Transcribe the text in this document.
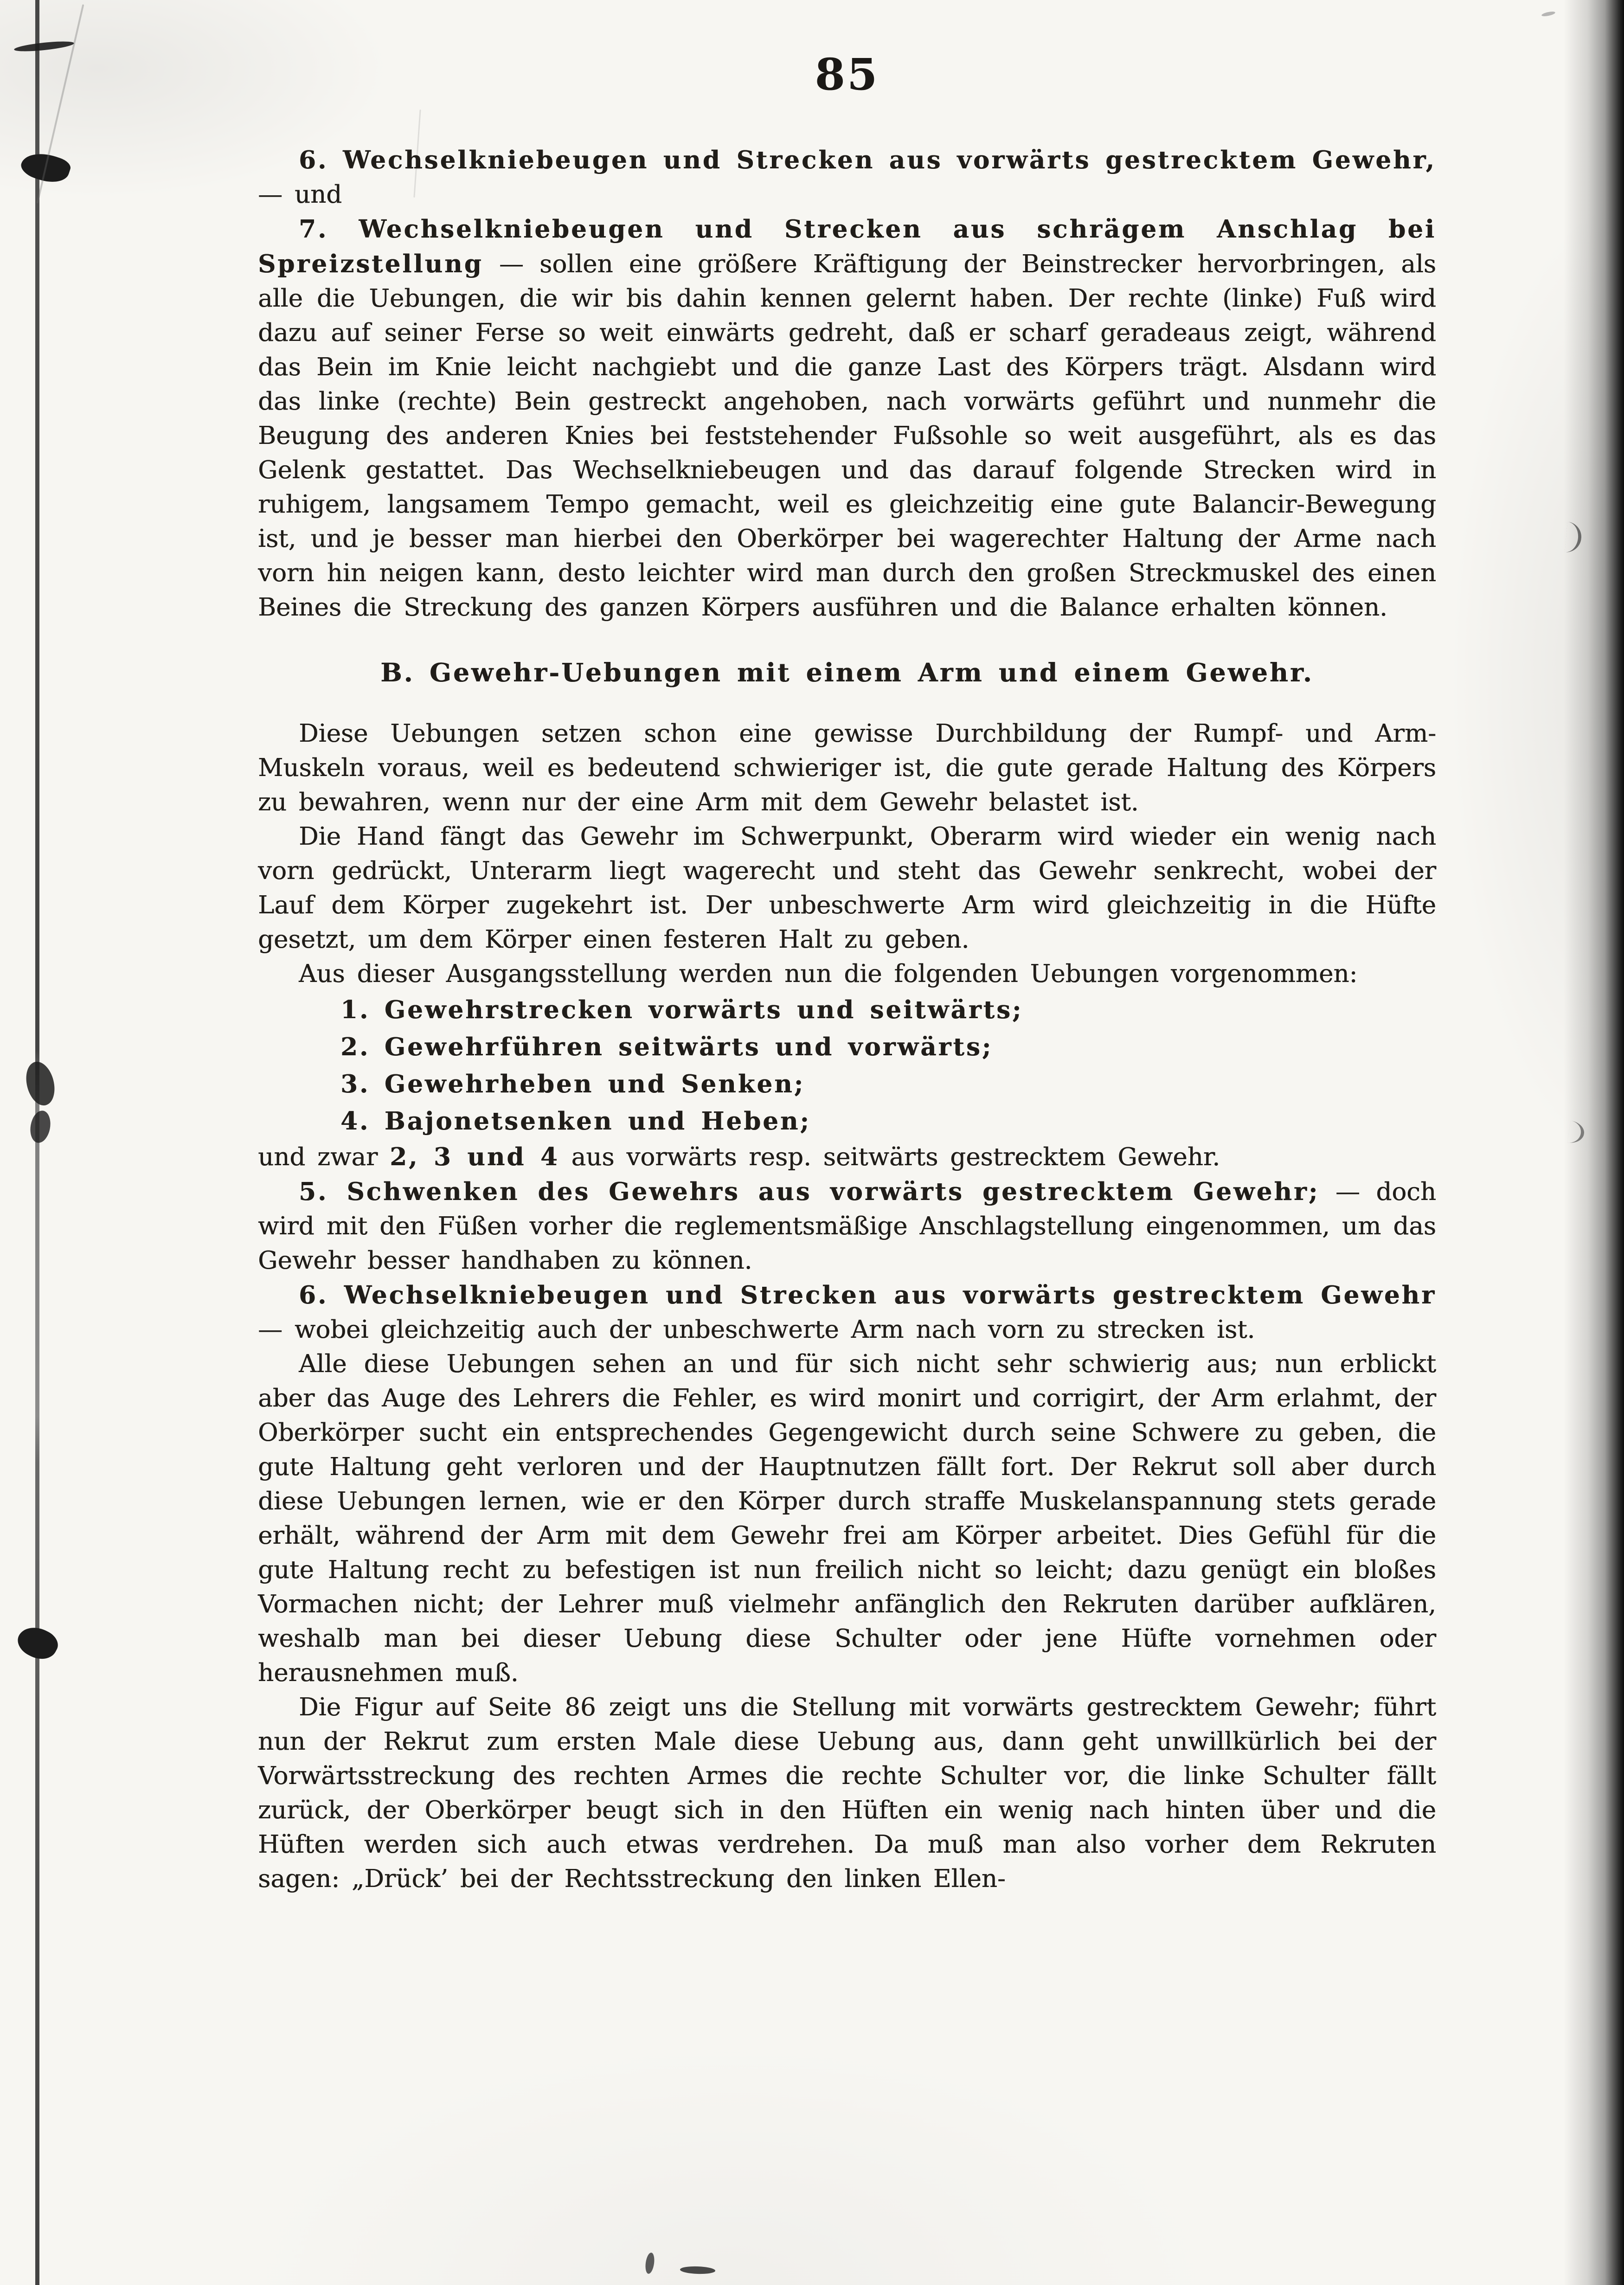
85

6. Wechselkniebeugen und Strecken aus vorwärts gestrecktem Gewehr, — und

7. Wechselkniebeugen und Strecken aus schrägem Anschlag bei Spreizstellung — sollen eine größere Kräftigung der Beinstrecker hervorbringen, als alle die Uebungen, die wir bis dahin kennen gelernt haben. Der rechte (linke) Fuß wird dazu auf seiner Ferse so weit einwärts gedreht, daß er scharf geradeaus zeigt, während das Bein im Knie leicht nachgiebt und die ganze Last des Körpers trägt. Alsdann wird das linke (rechte) Bein gestreckt angehoben, nach vorwärts geführt und nunmehr die Beugung des anderen Knies bei feststehender Fußsohle so weit ausgeführt, als es das Gelenk gestattet. Das Wechselkniebeugen und das darauf folgende Strecken wird in ruhigem, langsamem Tempo gemacht, weil es gleichzeitig eine gute Balancir-Bewegung ist, und je besser man hierbei den Oberkörper bei wagerechter Haltung der Arme nach vorn hin neigen kann, desto leichter wird man durch den großen Streckmuskel des einen Beines die Streckung des ganzen Körpers ausführen und die Balance erhalten können.

B. Gewehr-Uebungen mit einem Arm und einem Gewehr.

Diese Uebungen setzen schon eine gewisse Durchbildung der Rumpf- und Arm-Muskeln voraus, weil es bedeutend schwieriger ist, die gute gerade Haltung des Körpers zu bewahren, wenn nur der eine Arm mit dem Gewehr belastet ist.

Die Hand fängt das Gewehr im Schwerpunkt, Oberarm wird wieder ein wenig nach vorn gedrückt, Unterarm liegt wagerecht und steht das Gewehr senkrecht, wobei der Lauf dem Körper zugekehrt ist. Der unbeschwerte Arm wird gleichzeitig in die Hüfte gesetzt, um dem Körper einen festeren Halt zu geben.

Aus dieser Ausgangsstellung werden nun die folgenden Uebungen vorgenommen:

1. Gewehrstrecken vorwärts und seitwärts;
2. Gewehrführen seitwärts und vorwärts;
3. Gewehrheben und Senken;
4. Bajonetsenken und Heben;

und zwar 2, 3 und 4 aus vorwärts resp. seitwärts gestrecktem Gewehr.

5. Schwenken des Gewehrs aus vorwärts gestrecktem Gewehr; — doch wird mit den Füßen vorher die reglementsmäßige Anschlagstellung eingenommen, um das Gewehr besser handhaben zu können.

6. Wechselkniebeugen und Strecken aus vorwärts gestrecktem Gewehr — wobei gleichzeitig auch der unbeschwerte Arm nach vorn zu strecken ist.

Alle diese Uebungen sehen an und für sich nicht sehr schwierig aus; nun erblickt aber das Auge des Lehrers die Fehler, es wird monirt und corrigirt, der Arm erlahmt, der Oberkörper sucht ein entsprechendes Gegengewicht durch seine Schwere zu geben, die gute Haltung geht verloren und der Hauptnutzen fällt fort. Der Rekrut soll aber durch diese Uebungen lernen, wie er den Körper durch straffe Muskelanspannung stets gerade erhält, während der Arm mit dem Gewehr frei am Körper arbeitet. Dies Gefühl für die gute Haltung recht zu befestigen ist nun freilich nicht so leicht; dazu genügt ein bloßes Vormachen nicht; der Lehrer muß vielmehr anfänglich den Rekruten darüber aufklären, weshalb man bei dieser Uebung diese Schulter oder jene Hüfte vornehmen oder herausnehmen muß.

Die Figur auf Seite 86 zeigt uns die Stellung mit vorwärts gestrecktem Gewehr; führt nun der Rekrut zum ersten Male diese Uebung aus, dann geht unwillkürlich bei der Vorwärtsstreckung des rechten Armes die rechte Schulter vor, die linke Schulter fällt zurück, der Oberkörper beugt sich in den Hüften ein wenig nach hinten über und die Hüften werden sich auch etwas verdrehen. Da muß man also vorher dem Rekruten sagen: „Drück’ bei der Rechtsstreckung den linken Ellen-
